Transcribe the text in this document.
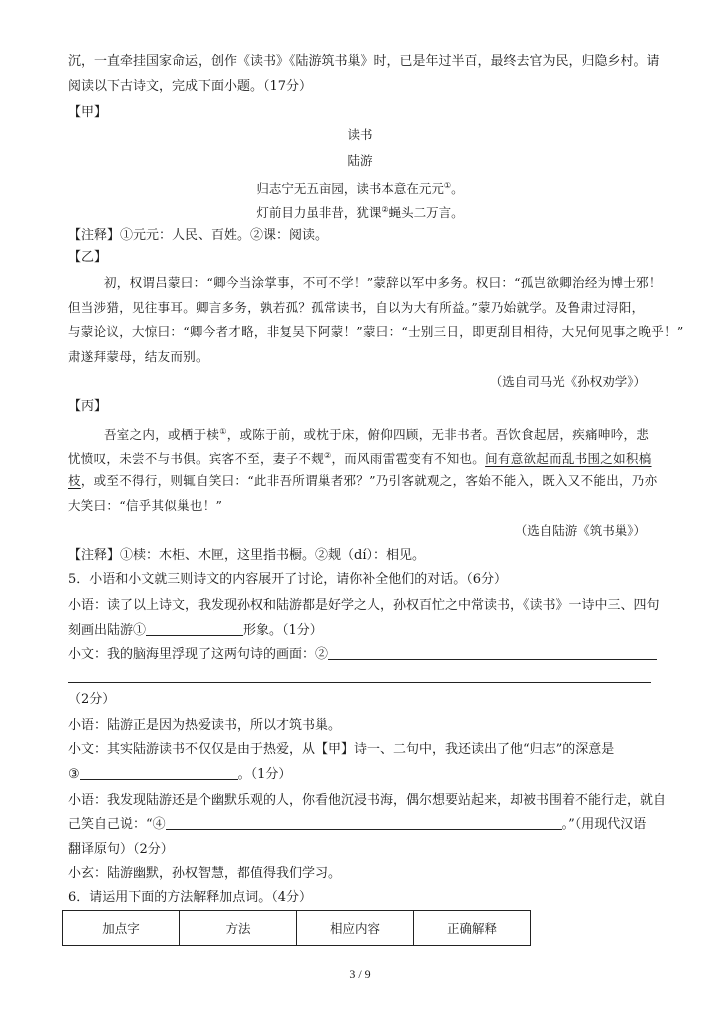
沉，一直牵挂国家命运，创作《读书》《陆游筑书巢》时，已是年过半百，最终去官为民，归隐乡村。请
阅读以下古诗文，完成下面小题。（17分）
【甲】
读书
陆游
归志宁无五亩园，读书本意在元元①。
灯前目力虽非昔，犹课②蝇头二万言。
【注释】①元元：人民、百姓。②课：阅读。
【乙】
初，权谓吕蒙曰：“卿今当涂掌事，不可不学！”蒙辞以军中多务。权曰：“孤岂欲卿治经为博士邪！
但当涉猎，见往事耳。卿言多务，孰若孤？孤常读书，自以为大有所益。”蒙乃始就学。及鲁肃过浔阳，
与蒙论议，大惊曰：“卿今者才略，非复吴下阿蒙！”蒙曰：“士别三日，即更刮目相待，大兄何见事之晚乎！”
肃遂拜蒙母，结友而别。
（选自司马光《孙权劝学》）
【丙】
吾室之内，或栖于椟①，或陈于前，或枕于床，俯仰四顾，无非书者。吾饮食起居，疾痛呻吟，悲
忧愤叹，未尝不与书俱。宾客不至，妻子不觌②，而风雨雷雹变有不知也。间有意欲起而乱书围之如积槁
枝，或至不得行，则辄自笑曰：“此非吾所谓巢者邪？”乃引客就观之，客始不能入，既入又不能出，乃亦
大笑曰：“信乎其似巢也！”
（选自陆游《筑书巢》）
【注释】①椟：木柜、木匣，这里指书橱。②觌（dí）：相见。
5．小语和小文就三则诗文的内容展开了讨论，请你补全他们的对话。（6分）
小语：读了以上诗文，我发现孙权和陆游都是好学之人，孙权百忙之中常读书，《读书》一诗中三、四句
刻画出陆游①	形象。（1分）
小文：我的脑海里浮现了这两句诗的画面：②
（2分）
小语：陆游正是因为热爱读书，所以才筑书巢。
小文：其实陆游读书不仅仅是由于热爱，从【甲】诗一、二句中，我还读出了他“归志”的深意是
③	。（1分）
小语：我发现陆游还是个幽默乐观的人，你看他沉浸书海，偶尔想要站起来，却被书围着不能行走，就自
己笑自己说：“④	。”（用现代汉语
翻译原句）（2分）
小玄：陆游幽默，孙权智慧，都值得我们学习。
6．请运用下面的方法解释加点词。（4分）
加点字	方法	相应内容	正确解释
3 / 9
